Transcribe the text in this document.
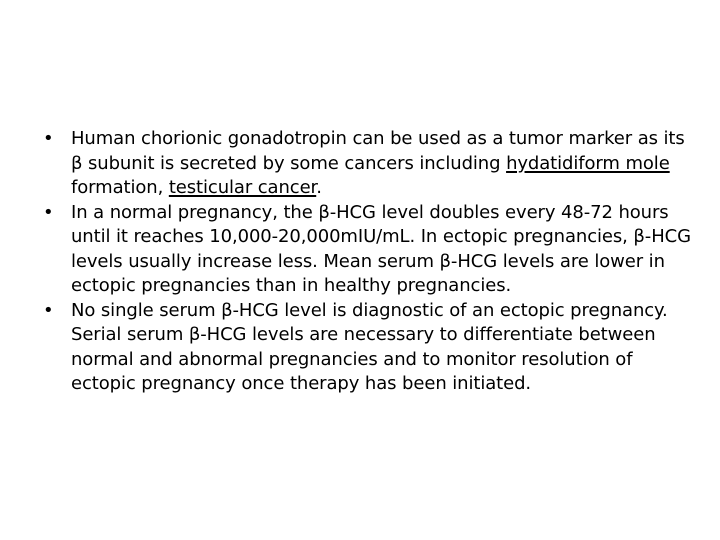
• Human chorionic gonadotropin can be used as a tumor marker as its β subunit is secreted by some cancers including hydatidiform mole formation, testicular cancer.
• In a normal pregnancy, the β-HCG level doubles every 48-72 hours until it reaches 10,000-20,000mIU/mL. In ectopic pregnancies, β-HCG levels usually increase less. Mean serum β-HCG levels are lower in ectopic pregnancies than in healthy pregnancies.
• No single serum β-HCG level is diagnostic of an ectopic pregnancy. Serial serum β-HCG levels are necessary to differentiate between normal and abnormal pregnancies and to monitor resolution of ectopic pregnancy once therapy has been initiated.
